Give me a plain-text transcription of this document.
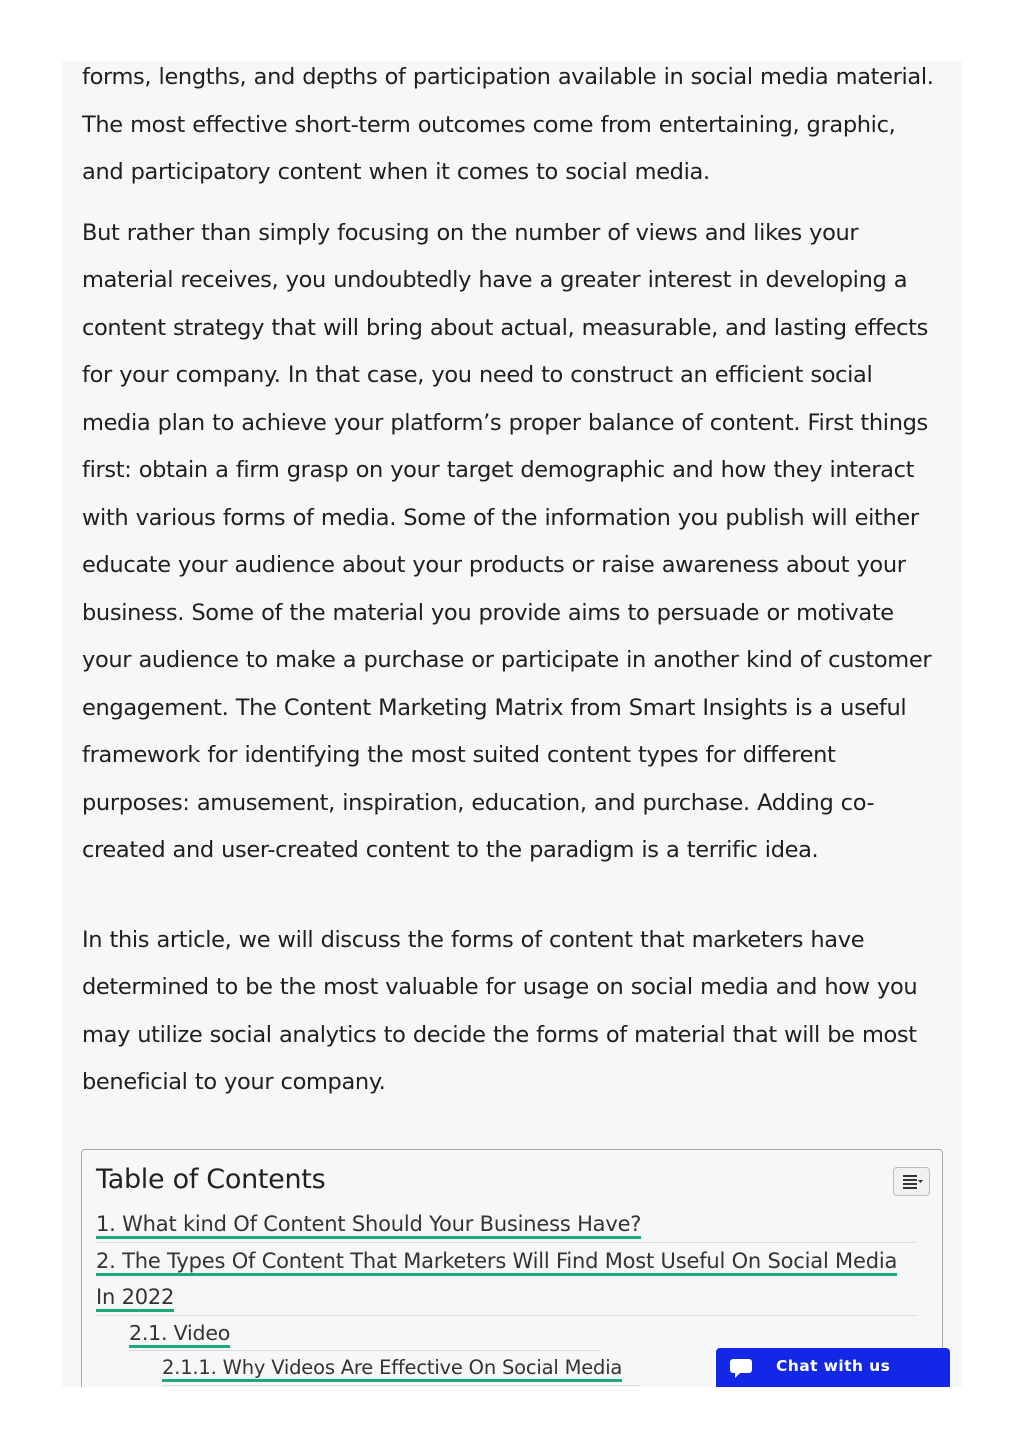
forms, lengths, and depths of participation available in social media material. The most effective short-term outcomes come from entertaining, graphic, and participatory content when it comes to social media.

But rather than simply focusing on the number of views and likes your material receives, you undoubtedly have a greater interest in developing a content strategy that will bring about actual, measurable, and lasting effects for your company. In that case, you need to construct an efficient social media plan to achieve your platform’s proper balance of content. First things first: obtain a firm grasp on your target demographic and how they interact with various forms of media. Some of the information you publish will either educate your audience about your products or raise awareness about your business. Some of the material you provide aims to persuade or motivate your audience to make a purchase or participate in another kind of customer engagement. The Content Marketing Matrix from Smart Insights is a useful framework for identifying the most suited content types for different purposes: amusement, inspiration, education, and purchase. Adding co-created and user-created content to the paradigm is a terrific idea.

In this article, we will discuss the forms of content that marketers have determined to be the most valuable for usage on social media and how you may utilize social analytics to decide the forms of material that will be most beneficial to your company.

Table of Contents
1. What kind Of Content Should Your Business Have?
2. The Types Of Content That Marketers Will Find Most Useful On Social Media In 2022
2.1. Video
2.1.1. Why Videos Are Effective On Social Media	Chat with us
